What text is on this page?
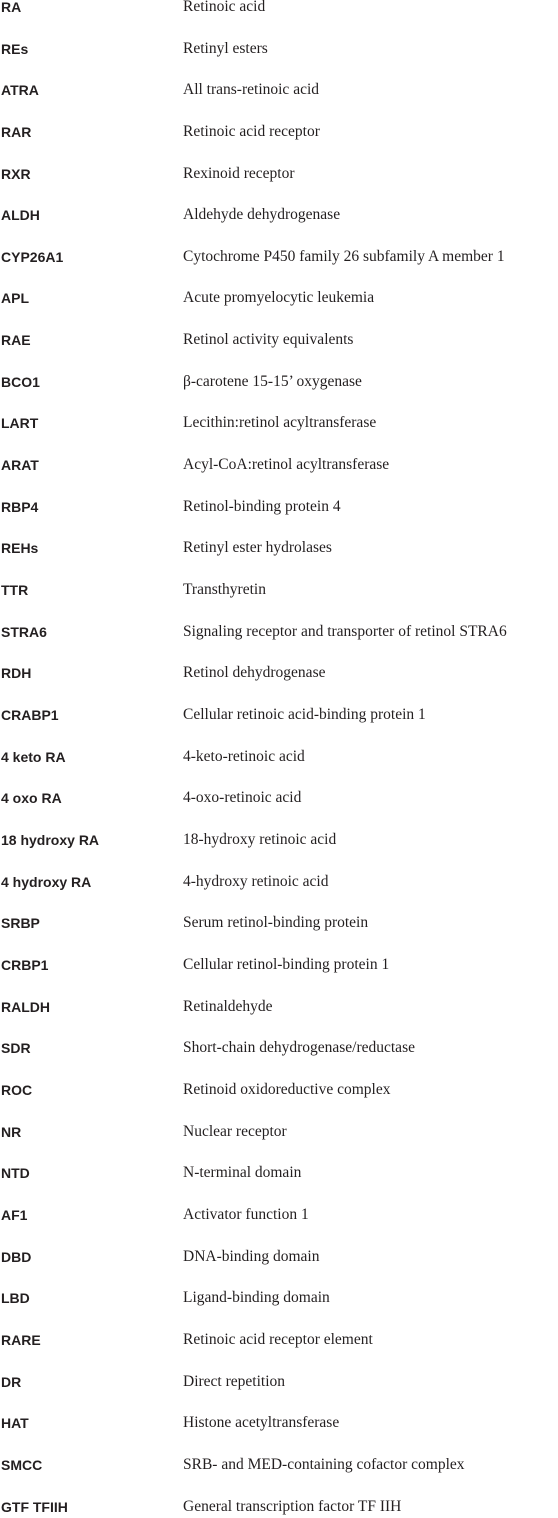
RA	Retinoic acid
REs	Retinyl esters
ATRA	All trans-retinoic acid
RAR	Retinoic acid receptor
RXR	Rexinoid receptor
ALDH	Aldehyde dehydrogenase
CYP26A1	Cytochrome P450 family 26 subfamily A member 1
APL	Acute promyelocytic leukemia
RAE	Retinol activity equivalents
BCO1	β-carotene 15-15’ oxygenase
LART	Lecithin:retinol acyltransferase
ARAT	Acyl-CoA:retinol acyltransferase
RBP4	Retinol-binding protein 4
REHs	Retinyl ester hydrolases
TTR	Transthyretin
STRA6	Signaling receptor and transporter of retinol STRA6
RDH	Retinol dehydrogenase
CRABP1	Cellular retinoic acid-binding protein 1
4 keto RA	4-keto-retinoic acid
4 oxo RA	4-oxo-retinoic acid
18 hydroxy RA	18-hydroxy retinoic acid
4 hydroxy RA	4-hydroxy retinoic acid
SRBP	Serum retinol-binding protein
CRBP1	Cellular retinol-binding protein 1
RALDH	Retinaldehyde
SDR	Short-chain dehydrogenase/reductase
ROC	Retinoid oxidoreductive complex
NR	Nuclear receptor
NTD	N-terminal domain
AF1	Activator function 1
DBD	DNA-binding domain
LBD	Ligand-binding domain
RARE	Retinoic acid receptor element
DR	Direct repetition
HAT	Histone acetyltransferase
SMCC	SRB- and MED-containing cofactor complex
GTF TFIIH	General transcription factor TF IIH
